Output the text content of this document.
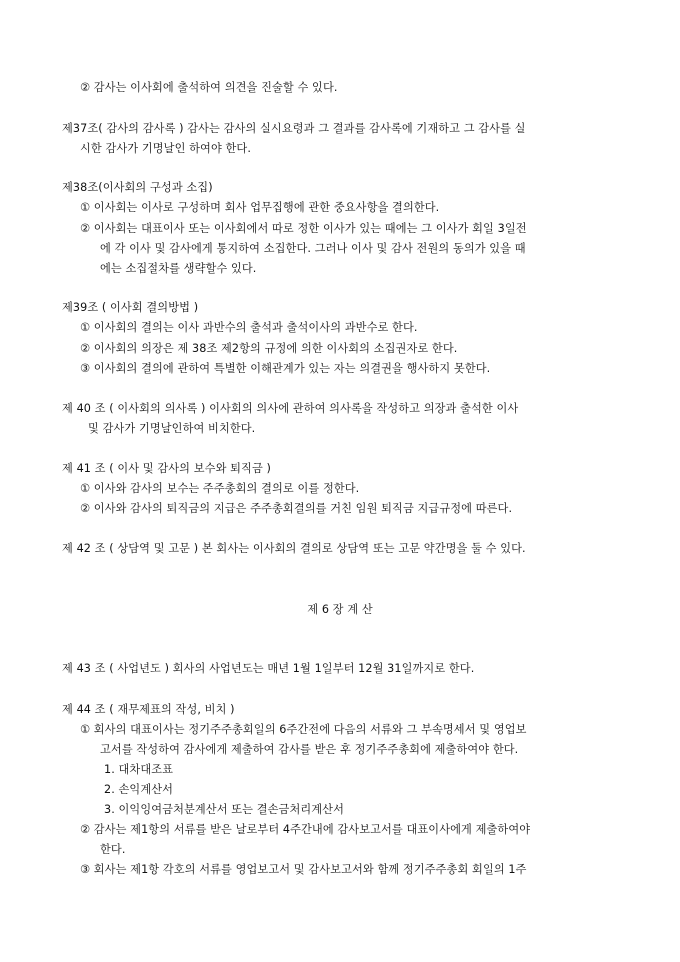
② 감사는 이사회에 출석하여 의견을 진술할 수 있다.
제37조( 감사의 감사록 ) 감사는 감사의 실시요령과 그 결과를 감사록에 기재하고 그 감사를 실
시한 감사가 기명날인 하여야 한다.
제38조(이사회의 구성과 소집)
① 이사회는 이사로 구성하며 회사 업무집행에 관한 중요사항을 결의한다.
② 이사회는 대표이사 또는 이사회에서 따로 정한 이사가 있는 때에는 그 이사가 회일 3일전
에 각 이사 및 감사에게 통지하여 소집한다. 그러나 이사 및 감사 전원의 동의가 있을 때
에는 소집절차를 생략할수 있다.
제39조 ( 이사회 결의방법 )
① 이사회의 결의는 이사 과반수의 출석과 출석이사의 과반수로 한다.
② 이사회의 의장은 제 38조 제2항의 규정에 의한 이사회의 소집권자로 한다.
③ 이사회의 결의에 관하여 특별한 이해관계가 있는 자는 의결권을 행사하지 못한다.
제 40 조 ( 이사회의 의사록 ) 이사회의 의사에 관하여 의사록을 작성하고 의장과 출석한 이사
및 감사가 기명날인하여 비치한다.
제 41 조 ( 이사 및 감사의 보수와 퇴직금 )
① 이사와 감사의 보수는 주주총회의 결의로 이를 정한다.
② 이사와 감사의 퇴직금의 지급은 주주총회결의를 거친 임원 퇴직금 지급규정에 따른다.
제 42 조 ( 상담역 및 고문 ) 본 회사는 이사회의 결의로 상담역 또는 고문 약간명을 둘 수 있다.
제 6 장 계 산
제 43 조 ( 사업년도 ) 회사의 사업년도는 매년 1월 1일부터 12월 31일까지로 한다.
제 44 조 ( 재무제표의 작성, 비치 )
① 회사의 대표이사는 정기주주총회일의 6주간전에 다음의 서류와 그 부속명세서 및 영업보
고서를 작성하여 감사에게 제출하여 감사를 받은 후 정기주주총회에 제출하여야 한다.
1. 대차대조표
2. 손익계산서
3. 이익잉여금처분계산서 또는 결손금처리계산서
② 감사는 제1항의 서류를 받은 날로부터 4주간내에 감사보고서를 대표이사에게 제출하여야
한다.
③ 회사는 제1항 각호의 서류를 영업보고서 및 감사보고서와 함께 정기주주총회 회일의 1주
